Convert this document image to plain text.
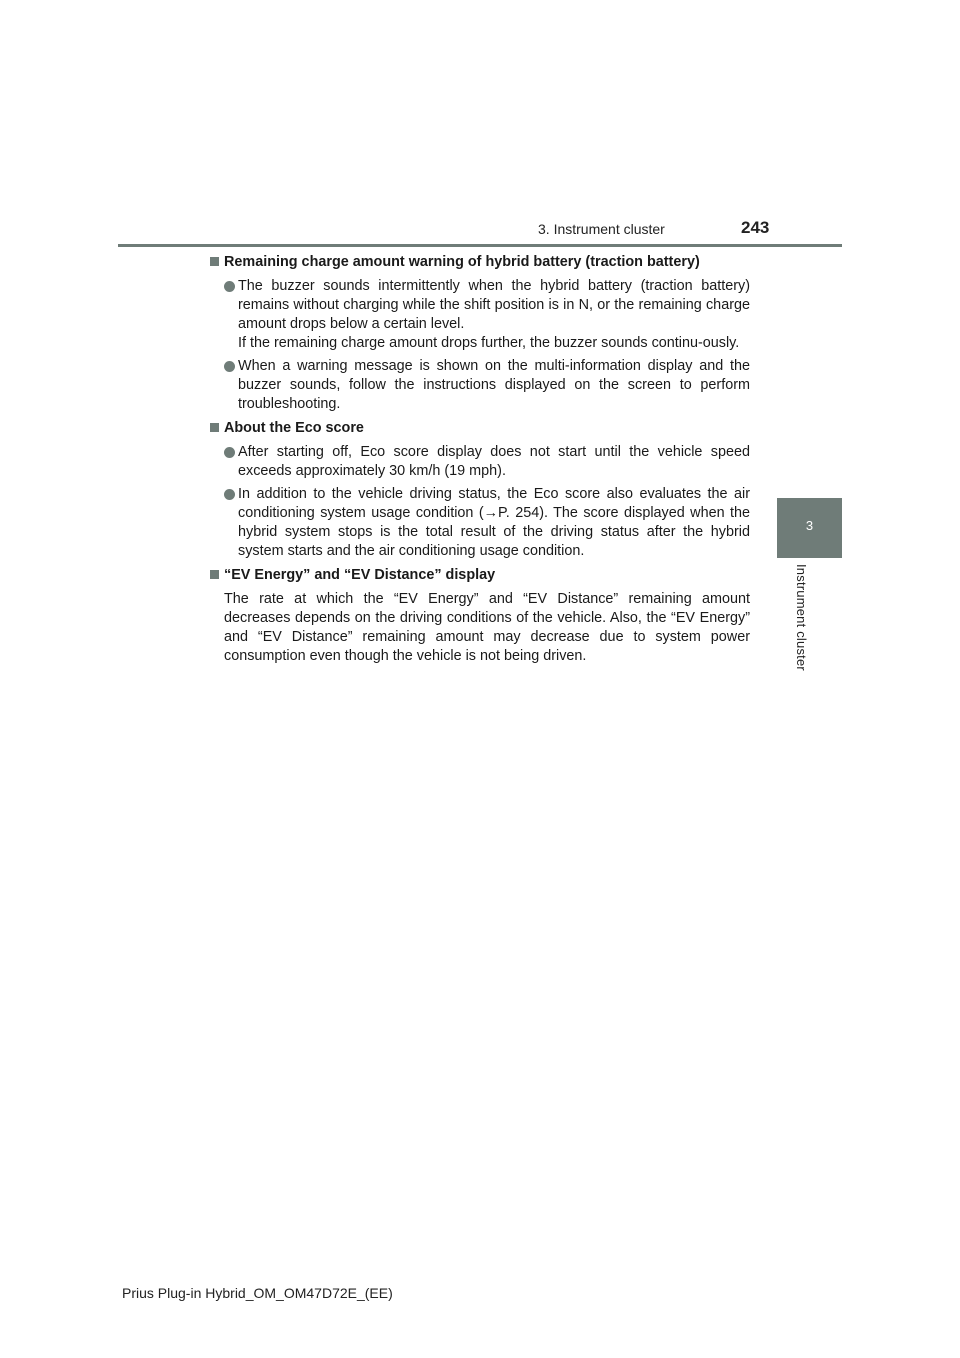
3. Instrument cluster	243
3
Instrument cluster
Remaining charge amount warning of hybrid battery (traction battery)
The buzzer sounds intermittently when the hybrid battery (traction battery) remains without charging while the shift position is in N, or the remaining charge amount drops below a certain level.
If the remaining charge amount drops further, the buzzer sounds continu-ously.
When a warning message is shown on the multi-information display and the buzzer sounds, follow the instructions displayed on the screen to perform troubleshooting.
About the Eco score
After starting off, Eco score display does not start until the vehicle speed exceeds approximately 30 km/h (19 mph).
In addition to the vehicle driving status, the Eco score also evaluates the air conditioning system usage condition (→P. 254). The score displayed when the hybrid system stops is the total result of the driving status after the hybrid system starts and the air conditioning usage condition.
“EV Energy” and “EV Distance” display
The rate at which the “EV Energy” and “EV Distance” remaining amount decreases depends on the driving conditions of the vehicle. Also, the “EV Energy” and “EV Distance” remaining amount may decrease due to system power consumption even though the vehicle is not being driven.
Prius Plug-in Hybrid_OM_OM47D72E_(EE)
